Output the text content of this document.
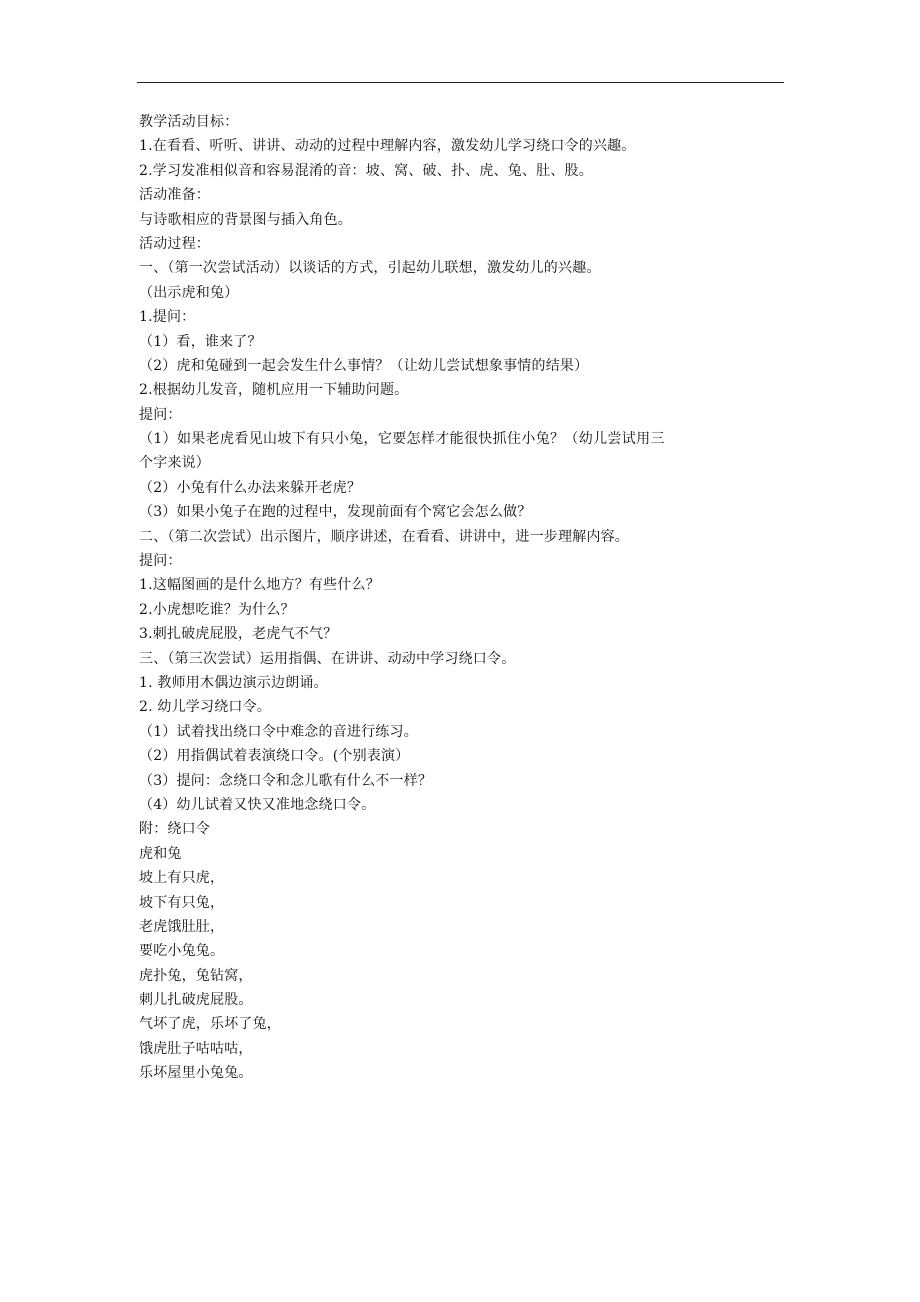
教学活动目标：
1.在看看、听听、讲讲、动动的过程中理解内容，激发幼儿学习绕口令的兴趣。
2.学习发准相似音和容易混淆的音：坡、窝、破、扑、虎、兔、肚、股。
活动准备：
与诗歌相应的背景图与插入角色。
活动过程：
一、（第一次尝试活动）以谈话的方式，引起幼儿联想，激发幼儿的兴趣。
（出示虎和兔）
1.提问：
（1）看，谁来了？
（2）虎和兔碰到一起会发生什么事情？（让幼儿尝试想象事情的结果）
2.根据幼儿发音，随机应用一下辅助问题。
提问：
（1）如果老虎看见山坡下有只小兔，它要怎样才能很快抓住小兔？（幼儿尝试用三
个字来说）
（2）小兔有什么办法来躲开老虎？
（3）如果小兔子在跑的过程中，发现前面有个窝它会怎么做？
二、（第二次尝试）出示图片，顺序讲述，在看看、讲讲中，进一步理解内容。
提问：
1.这幅图画的是什么地方？有些什么？
2.小虎想吃谁？为什么？
3.刺扎破虎屁股，老虎气不气？
三、（第三次尝试）运用指偶、在讲讲、动动中学习绕口令。
1. 教师用木偶边演示边朗诵。
2. 幼儿学习绕口令。
（1）试着找出绕口令中难念的音进行练习。
（2）用指偶试着表演绕口令。(个别表演）
（3）提问：念绕口令和念儿歌有什么不一样？
（4）幼儿试着又快又准地念绕口令。
附：绕口令
虎和兔
坡上有只虎，
坡下有只兔，
老虎饿肚肚，
要吃小兔兔。
虎扑兔，兔钻窝，
刺儿扎破虎屁股。
气坏了虎，乐坏了兔，
饿虎肚子咕咕咕，
乐坏屋里小兔兔。
